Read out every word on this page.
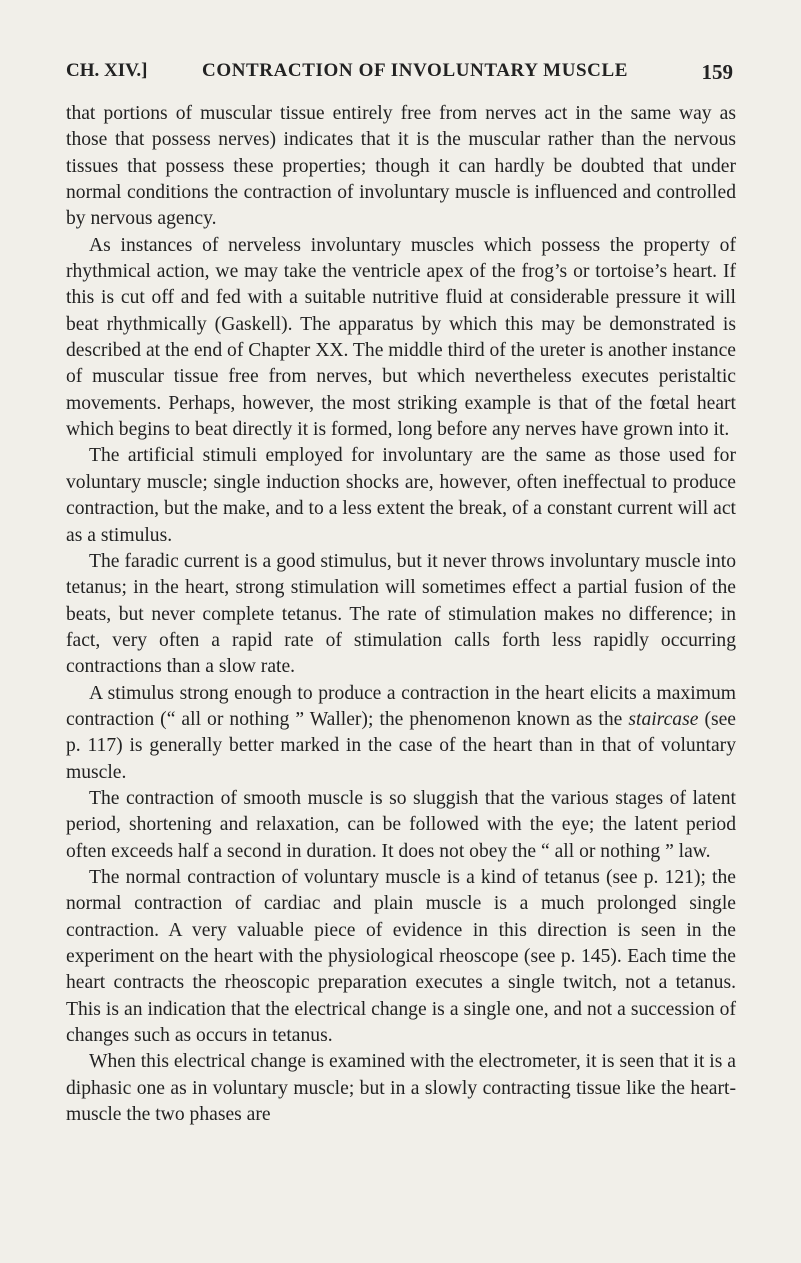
CH. XIV.]	CONTRACTION OF INVOLUNTARY MUSCLE	159

that portions of muscular tissue entirely free from nerves act in the same way as those that possess nerves) indicates that it is the muscular rather than the nervous tissues that possess these properties; though it can hardly be doubted that under normal conditions the contraction of involuntary muscle is influenced and controlled by nervous agency.

As instances of nerveless involuntary muscles which possess the property of rhythmical action, we may take the ventricle apex of the frog’s or tortoise’s heart. If this is cut off and fed with a suitable nutritive fluid at considerable pressure it will beat rhythmically (Gaskell). The apparatus by which this may be demonstrated is described at the end of Chapter XX. The middle third of the ureter is another instance of muscular tissue free from nerves, but which nevertheless executes peristaltic movements. Perhaps, however, the most striking example is that of the fœtal heart which begins to beat directly it is formed, long before any nerves have grown into it.

The artificial stimuli employed for involuntary are the same as those used for voluntary muscle; single induction shocks are, however, often ineffectual to produce contraction, but the make, and to a less extent the break, of a constant current will act as a stimulus.

The faradic current is a good stimulus, but it never throws involuntary muscle into tetanus; in the heart, strong stimulation will sometimes effect a partial fusion of the beats, but never complete tetanus. The rate of stimulation makes no difference; in fact, very often a rapid rate of stimulation calls forth less rapidly occurring contractions than a slow rate.

A stimulus strong enough to produce a contraction in the heart elicits a maximum contraction (“ all or nothing ” Waller); the phenomenon known as the staircase (see p. 117) is generally better marked in the case of the heart than in that of voluntary muscle.

The contraction of smooth muscle is so sluggish that the various stages of latent period, shortening and relaxation, can be followed with the eye; the latent period often exceeds half a second in duration. It does not obey the “ all or nothing ” law.

The normal contraction of voluntary muscle is a kind of tetanus (see p. 121); the normal contraction of cardiac and plain muscle is a much prolonged single contraction. A very valuable piece of evidence in this direction is seen in the experiment on the heart with the physiological rheoscope (see p. 145). Each time the heart contracts the rheoscopic preparation executes a single twitch, not a tetanus. This is an indication that the electrical change is a single one, and not a succession of changes such as occurs in tetanus.

When this electrical change is examined with the electrometer, it is seen that it is a diphasic one as in voluntary muscle; but in a slowly contracting tissue like the heart-muscle the two phases are
